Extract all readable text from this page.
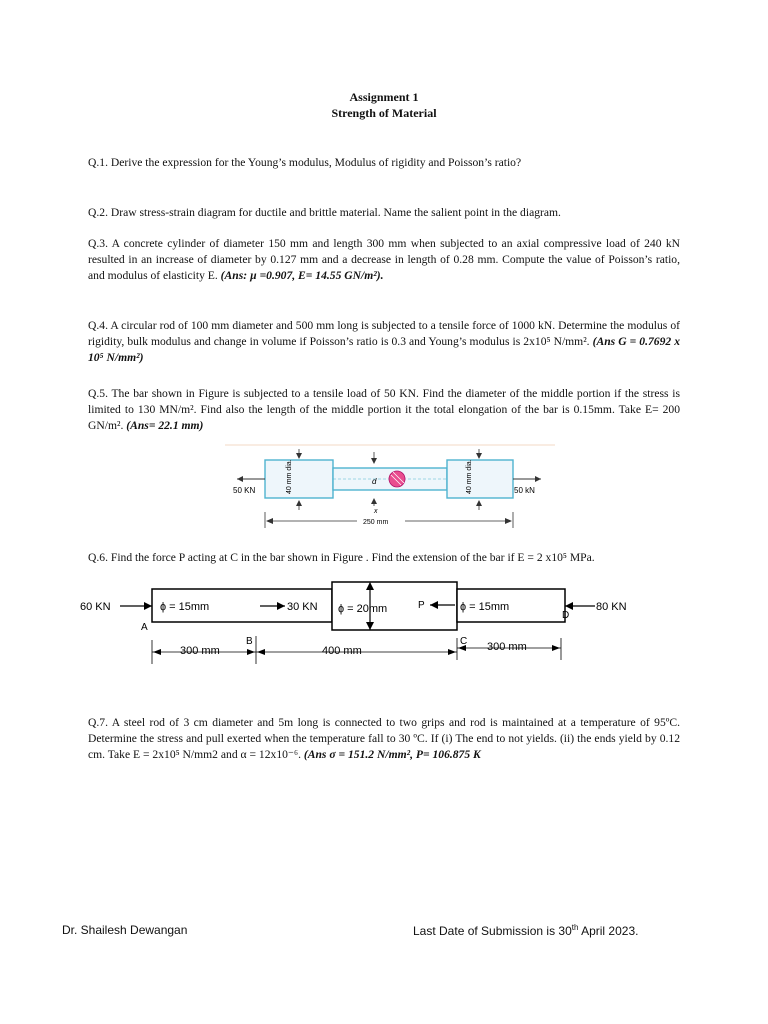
Assignment 1
Strength of Material
Q.1. Derive the expression for the Young’s modulus, Modulus of rigidity and Poisson’s ratio?
Q.2. Draw stress-strain diagram for ductile and brittle material. Name the salient point in the diagram.
Q.3. A concrete cylinder of diameter 150 mm and length 300 mm when subjected to an axial compressive load of 240 kN resulted in an increase of diameter by 0.127 mm and a decrease in length of 0.28 mm. Compute the value of Poisson’s ratio, and modulus of elasticity E. (Ans: µ =0.907, E= 14.55 GN/m²).
Q.4. A circular rod of 100 mm diameter and 500 mm long is subjected to a tensile force of 1000 kN. Determine the modulus of rigidity, bulk modulus and change in volume if Poisson’s ratio is 0.3 and Young’s modulus is 2x10⁵ N/mm². (Ans G = 0.7692 x 10⁵ N/mm²)
Q.5. The bar shown in Figure is subjected to a tensile load of 50 KN. Find the diameter of the middle portion if the stress is limited to 130 MN/m². Find also the length of the middle portion it the total elongation of the bar is 0.15mm. Take E= 200 GN/m². (Ans= 22.1 mm)
50 KN	50 kN
40 mm dia.	40 mm dia.
d
x
250 mm
Q.6. Find the force P acting at C in the bar shown in Figure . Find the extension of the bar if E = 2 x10⁵ MPa.
60 KN
A
ɸ = 15mm	30 KN
B
ɸ = 20mm	P
C
ɸ = 15mm
D
80 KN
300 mm	400 mm	300 mm
Q.7. A steel rod of 3 cm diameter and 5m long is connected to two grips and rod is maintained at a temperature of 95ºC. Determine the stress and pull exerted when the temperature fall to 30 ºC. If (i) The end to not yields. (ii) the ends yield by 0.12 cm. Take E = 2x10⁵ N/mm2 and α = 12x10⁻⁶. (Ans σ = 151.2 N/mm², P= 106.875 K
Dr. Shailesh Dewangan	Last Date of Submission is 30th April 2023.
